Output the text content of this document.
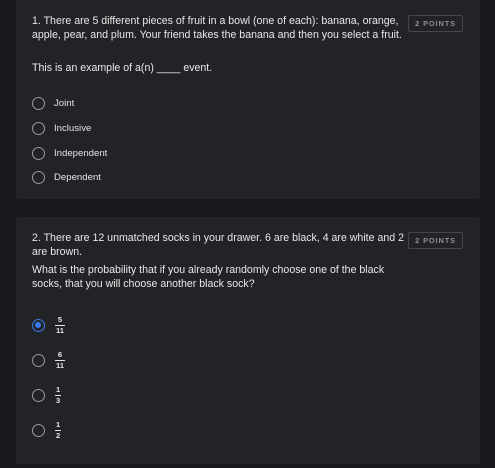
1. There are 5 different pieces of fruit in a bowl (one of each): banana, orange, apple, pear, and plum. Your friend takes the banana and then you select a fruit.
This is an example of a(n) ____ event.
2 POINTS
Joint
Inclusive
Independent
Dependent
2. There are 12 unmatched socks in your drawer. 6 are black, 4 are white and 2 are brown.
What is the probability that if you already randomly choose one of the black socks, that you will choose another black sock?
2 POINTS
$\frac{5}{11}$
$\frac{6}{11}$
$\frac{1}{3}$
$\frac{1}{2}$
